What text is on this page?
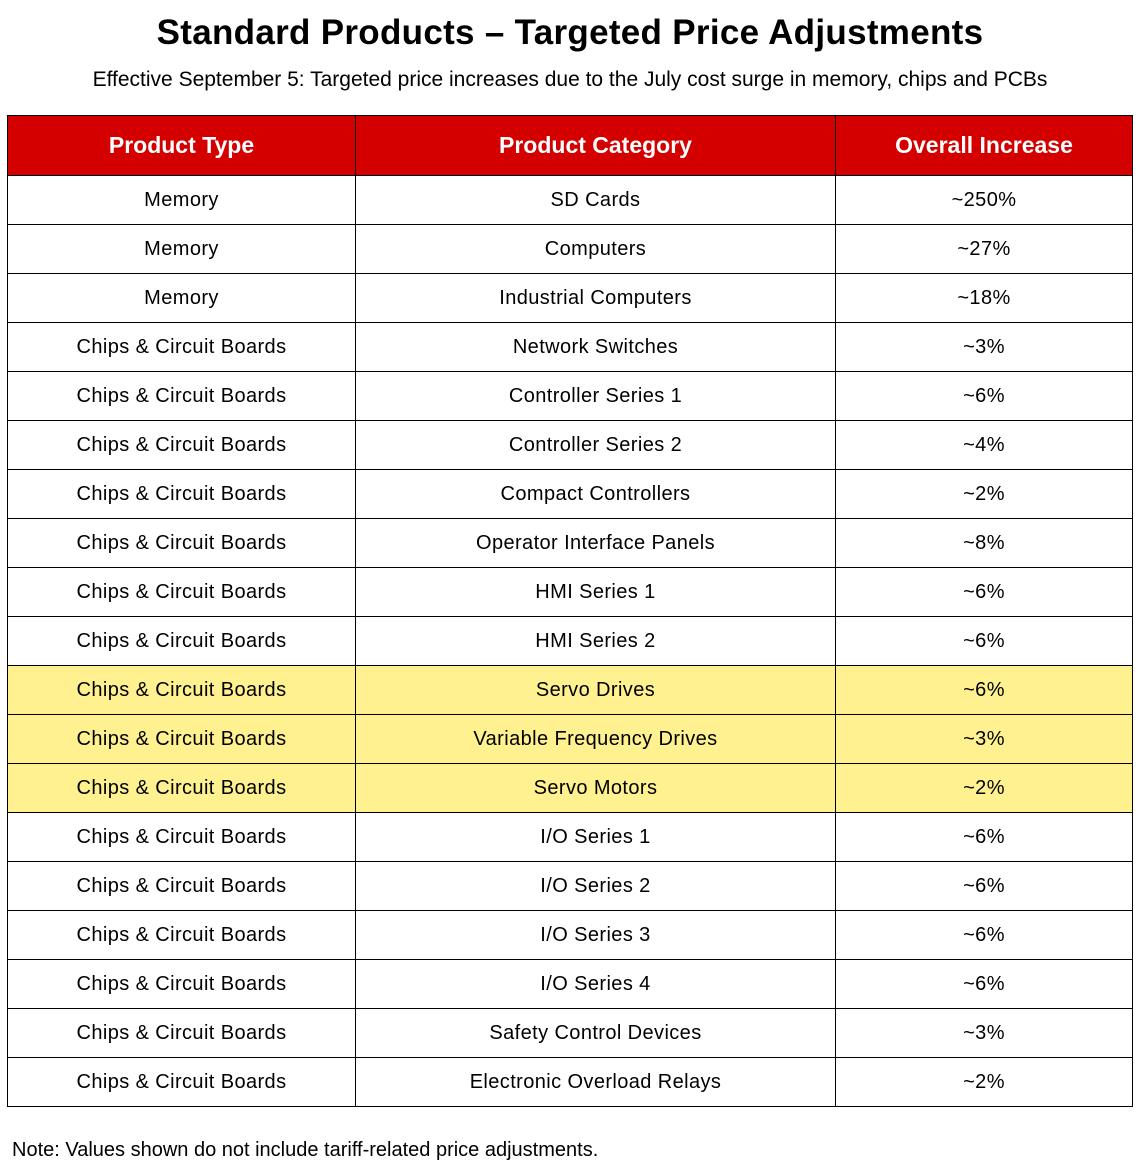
Standard Products – Targeted Price Adjustments
Effective September 5: Targeted price increases due to the July cost surge in memory, chips and PCBs
Product Type	Product Category	Overall Increase
Memory	SD Cards	~250%
Memory	Computers	~27%
Memory	Industrial Computers	~18%
Chips & Circuit Boards	Network Switches	~3%
Chips & Circuit Boards	Controller Series 1	~6%
Chips & Circuit Boards	Controller Series 2	~4%
Chips & Circuit Boards	Compact Controllers	~2%
Chips & Circuit Boards	Operator Interface Panels	~8%
Chips & Circuit Boards	HMI Series 1	~6%
Chips & Circuit Boards	HMI Series 2	~6%
Chips & Circuit Boards	Servo Drives	~6%
Chips & Circuit Boards	Variable Frequency Drives	~3%
Chips & Circuit Boards	Servo Motors	~2%
Chips & Circuit Boards	I/O Series 1	~6%
Chips & Circuit Boards	I/O Series 2	~6%
Chips & Circuit Boards	I/O Series 3	~6%
Chips & Circuit Boards	I/O Series 4	~6%
Chips & Circuit Boards	Safety Control Devices	~3%
Chips & Circuit Boards	Electronic Overload Relays	~2%
Note: Values shown do not include tariff-related price adjustments.
